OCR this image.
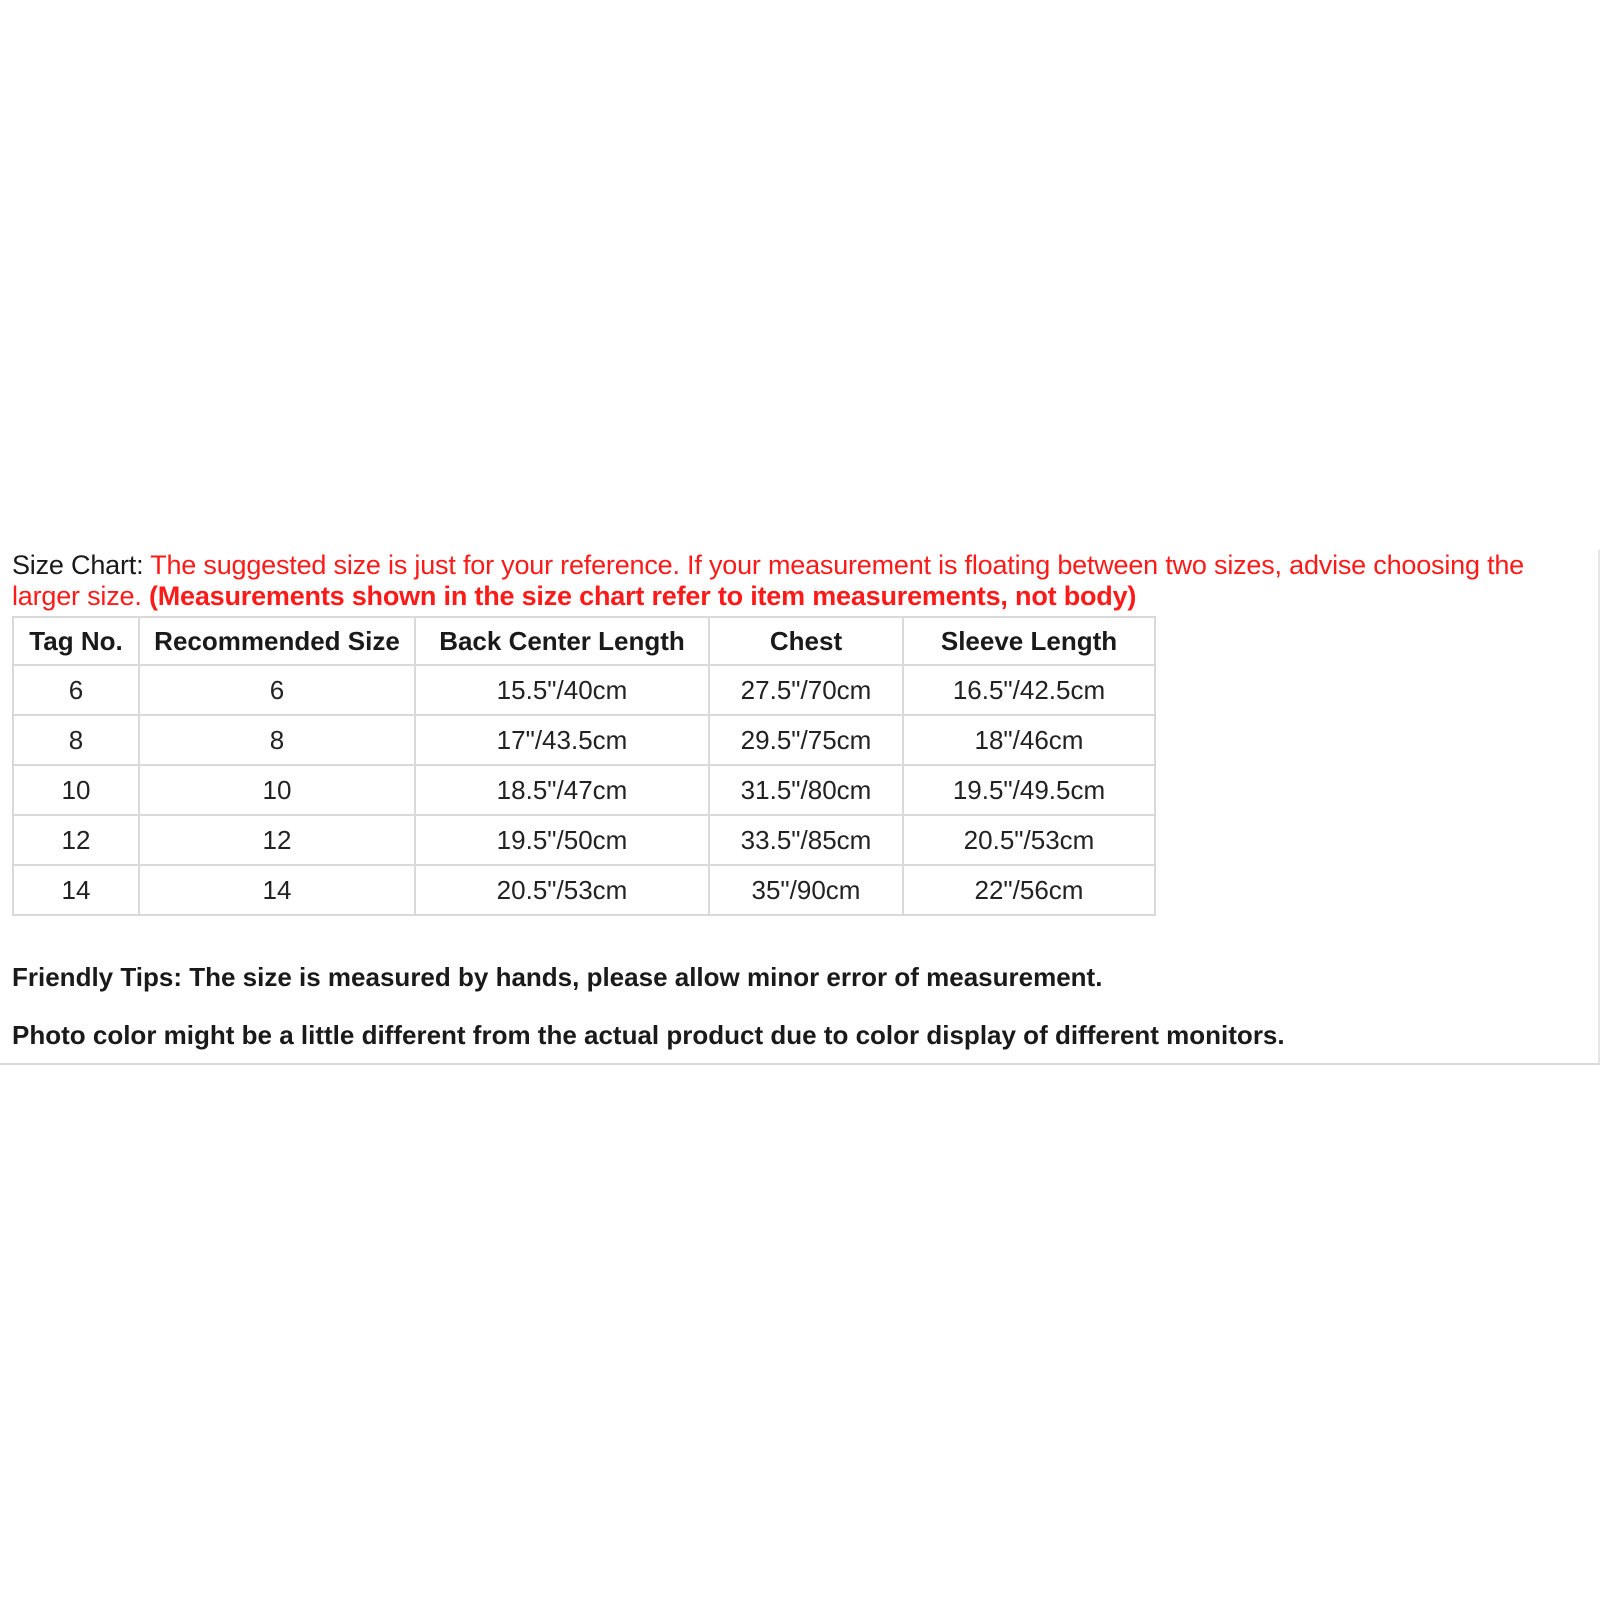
Size Chart: The suggested size is just for your reference. If your measurement is floating between two sizes, advise choosing the larger size. (Measurements shown in the size chart refer to item measurements, not body)

Tag No.	Recommended Size	Back Center Length	Chest	Sleeve Length
6	6	15.5"/40cm	27.5"/70cm	16.5"/42.5cm
8	8	17"/43.5cm	29.5"/75cm	18"/46cm
10	10	18.5"/47cm	31.5"/80cm	19.5"/49.5cm
12	12	19.5"/50cm	33.5"/85cm	20.5"/53cm
14	14	20.5"/53cm	35"/90cm	22"/56cm

Friendly Tips: The size is measured by hands, please allow minor error of measurement.

Photo color might be a little different from the actual product due to color display of different monitors.
